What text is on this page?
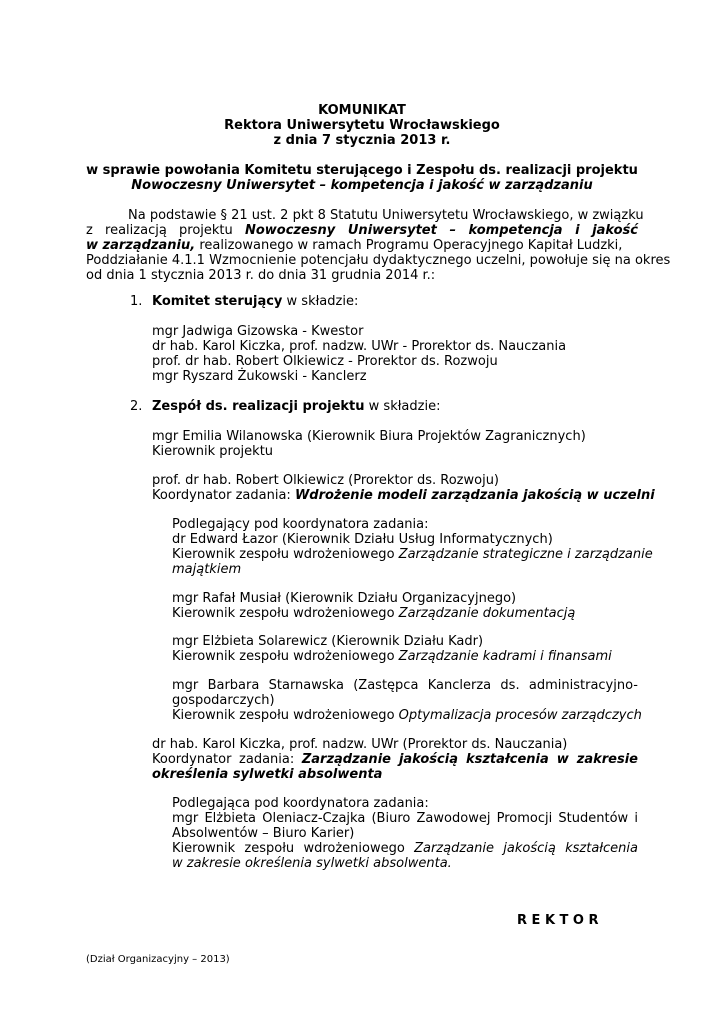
KOMUNIKAT
Rektora Uniwersytetu Wrocławskiego
z dnia 7 stycznia 2013 r.
w sprawie powołania Komitetu sterującego i Zespołu ds. realizacji projektu
Nowoczesny Uniwersytet – kompetencja i jakość w zarządzaniu
Na podstawie § 21 ust. 2 pkt 8 Statutu Uniwersytetu Wrocławskiego, w związku
z realizacją projektu Nowoczesny Uniwersytet – kompetencja i jakość
w zarządzaniu, realizowanego w ramach Programu Operacyjnego Kapitał Ludzki,
Poddziałanie 4.1.1 Wzmocnienie potencjału dydaktycznego uczelni, powołuje się na okres
od dnia 1 stycznia 2013 r. do dnia 31 grudnia 2014 r.:
1. Komitet sterujący w składzie:
mgr Jadwiga Gizowska - Kwestor
dr hab. Karol Kiczka, prof. nadzw. UWr - Prorektor ds. Nauczania
prof. dr hab. Robert Olkiewicz - Prorektor ds. Rozwoju
mgr Ryszard Żukowski - Kanclerz
2. Zespół ds. realizacji projektu w składzie:
mgr Emilia Wilanowska (Kierownik Biura Projektów Zagranicznych)
Kierownik projektu
prof. dr hab. Robert Olkiewicz (Prorektor ds. Rozwoju)
Koordynator zadania: Wdrożenie modeli zarządzania jakością w uczelni
Podlegający pod koordynatora zadania:
dr Edward Łazor (Kierownik Działu Usług Informatycznych)
Kierownik zespołu wdrożeniowego Zarządzanie strategiczne i zarządzanie
majątkiem
mgr Rafał Musiał (Kierownik Działu Organizacyjnego)
Kierownik zespołu wdrożeniowego Zarządzanie dokumentacją
mgr Elżbieta Solarewicz (Kierownik Działu Kadr)
Kierownik zespołu wdrożeniowego Zarządzanie kadrami i finansami
mgr Barbara Starnawska (Zastępca Kanclerza ds. administracyjno-
gospodarczych)
Kierownik zespołu wdrożeniowego Optymalizacja procesów zarządczych
dr hab. Karol Kiczka, prof. nadzw. UWr (Prorektor ds. Nauczania)
Koordynator zadania: Zarządzanie jakością kształcenia w zakresie
określenia sylwetki absolwenta
Podlegająca pod koordynatora zadania:
mgr Elżbieta Oleniacz-Czajka (Biuro Zawodowej Promocji Studentów i
Absolwentów – Biuro Karier)
Kierownik zespołu wdrożeniowego Zarządzanie jakością kształcenia
w zakresie określenia sylwetki absolwenta.
R E K T O R
(Dział Organizacyjny – 2013)
